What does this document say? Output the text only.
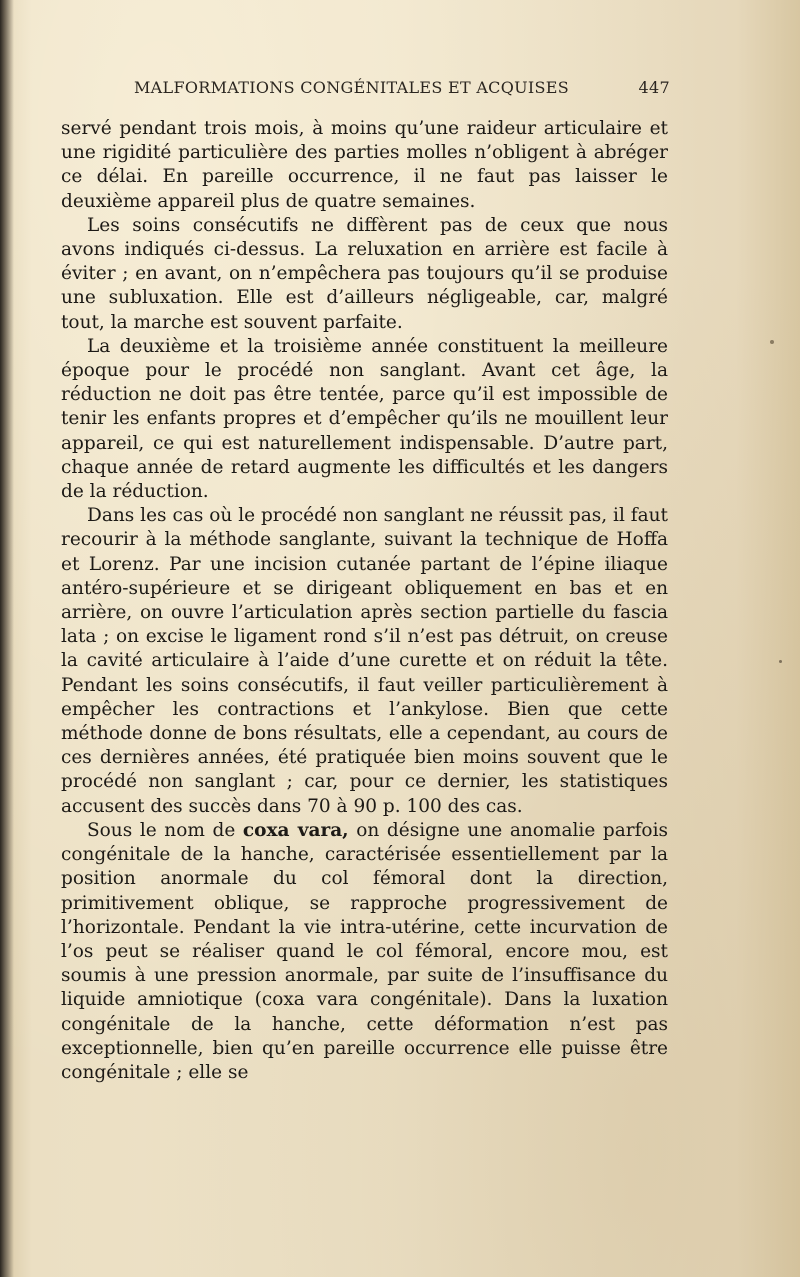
MALFORMATIONS CONGÉNITALES ET ACQUISES	447

servé pendant trois mois, à moins qu’une raideur articulaire et une rigidité particulière des parties molles n’obligent à abréger ce délai. En pareille occurrence, il ne faut pas laisser le deuxième appareil plus de quatre semaines.

Les soins consécutifs ne diffèrent pas de ceux que nous avons indiqués ci-dessus. La reluxation en arrière est facile à éviter ; en avant, on n’empêchera pas toujours qu’il se produise une subluxation. Elle est d’ailleurs négligeable, car, malgré tout, la marche est souvent parfaite.

La deuxième et la troisième année constituent la meilleure époque pour le procédé non sanglant. Avant cet âge, la réduction ne doit pas être tentée, parce qu’il est impossible de tenir les enfants propres et d’empêcher qu’ils ne mouillent leur appareil, ce qui est naturellement indispensable. D’autre part, chaque année de retard augmente les difficultés et les dangers de la réduction.

Dans les cas où le procédé non sanglant ne réussit pas, il faut recourir à la méthode sanglante, suivant la technique de Hoffa et Lorenz. Par une incision cutanée partant de l’épine iliaque antéro-supérieure et se dirigeant obliquement en bas et en arrière, on ouvre l’articulation après section partielle du fascia lata ; on excise le ligament rond s’il n’est pas détruit, on creuse la cavité articulaire à l’aide d’une curette et on réduit la tête. Pendant les soins consécutifs, il faut veiller particulièrement à empêcher les contractions et l’ankylose. Bien que cette méthode donne de bons résultats, elle a cependant, au cours de ces dernières années, été pratiquée bien moins souvent que le procédé non sanglant ; car, pour ce dernier, les statistiques accusent des succès dans 70 à 90 p. 100 des cas.

Sous le nom de coxa vara, on désigne une anomalie parfois congénitale de la hanche, caractérisée essentiellement par la position anormale du col fémoral dont la direction, primitivement oblique, se rapproche progressivement de l’horizontale. Pendant la vie intra-utérine, cette incurvation de l’os peut se réaliser quand le col fémoral, encore mou, est soumis à une pression anormale, par suite de l’insuffisance du liquide amniotique (coxa vara congénitale). Dans la luxation congénitale de la hanche, cette déformation n’est pas exceptionnelle, bien qu’en pareille occurrence elle puisse être congénitale ; elle se
